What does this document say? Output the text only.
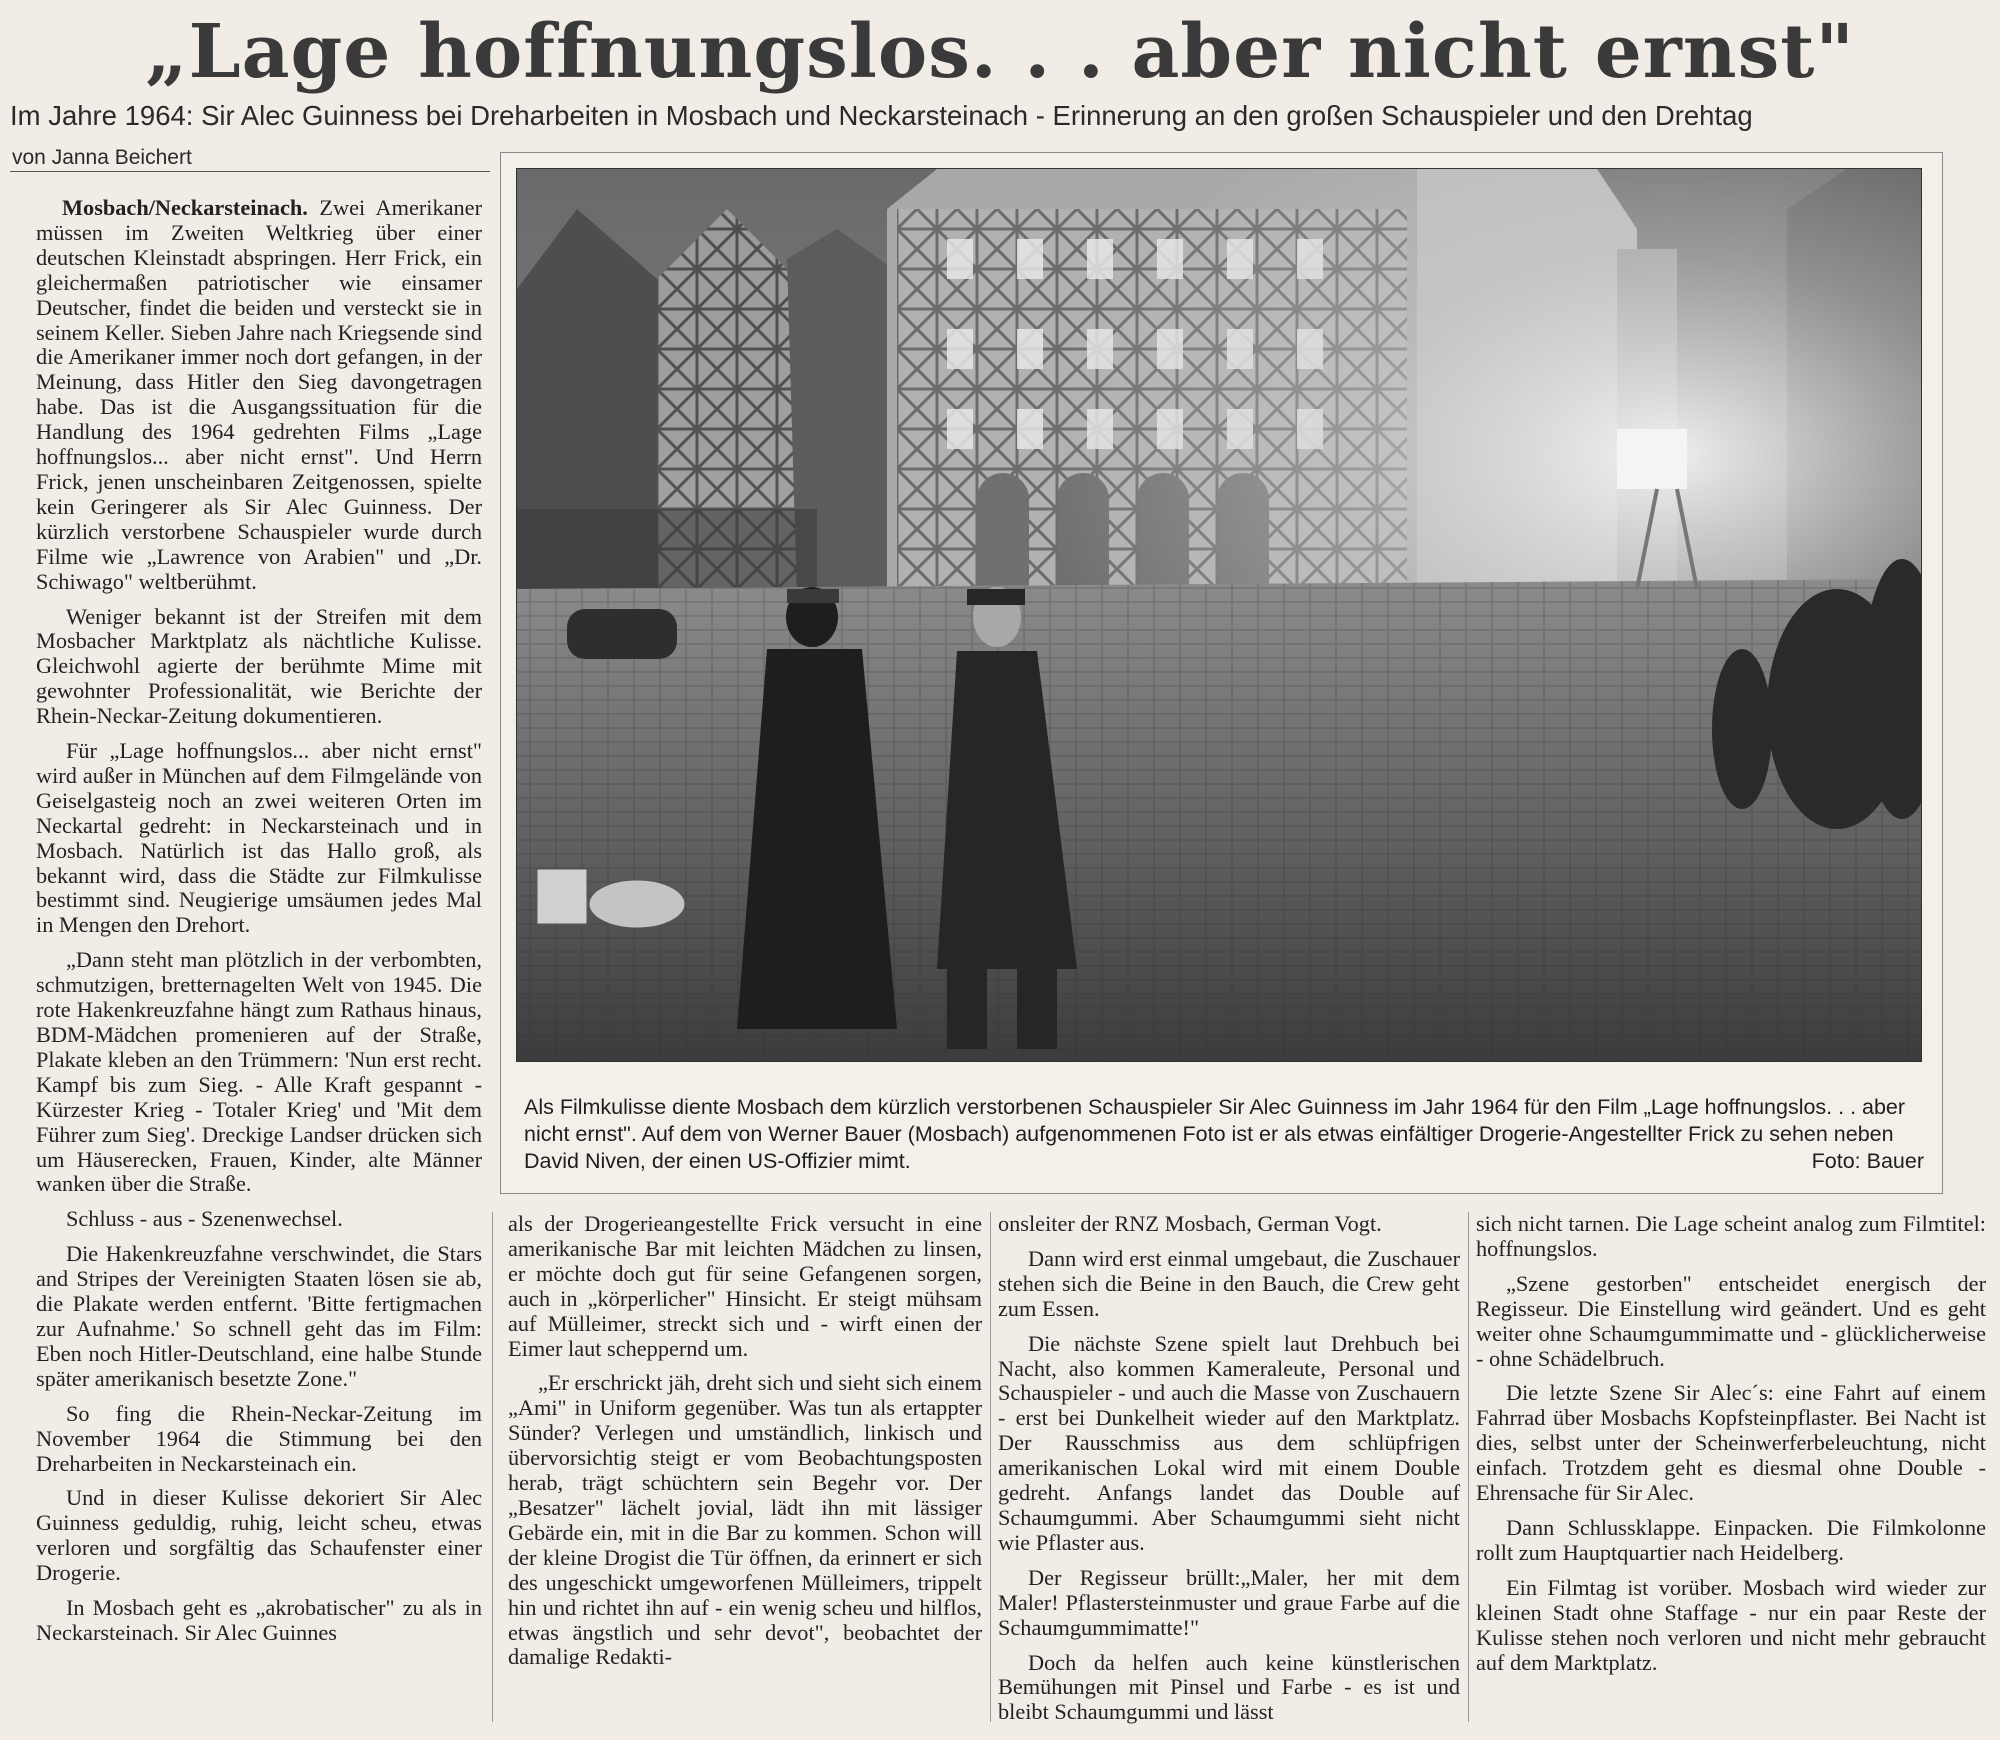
„Lage hoffnungslos. . . aber nicht ernst"
Im Jahre 1964: Sir Alec Guinness bei Dreharbeiten in Mosbach und Neckarsteinach - Erinnerung an den großen Schauspieler und den Drehtag
von Janna Beichert

Mosbach/Neckarsteinach. Zwei Amerikaner müssen im Zweiten Weltkrieg über einer deutschen Kleinstadt abspringen. Herr Frick, ein gleichermaßen patriotischer wie einsamer Deutscher, findet die beiden und versteckt sie in seinem Keller. Sieben Jahre nach Kriegsende sind die Amerikaner immer noch dort gefangen, in der Meinung, dass Hitler den Sieg davongetragen habe. Das ist die Ausgangssituation für die Handlung des 1964 gedrehten Films „Lage hoffnungslos... aber nicht ernst". Und Herrn Frick, jenen unscheinbaren Zeitgenossen, spielte kein Geringerer als Sir Alec Guinness. Der kürzlich verstorbene Schauspieler wurde durch Filme wie „Lawrence von Arabien" und „Dr. Schiwago" weltberühmt.

Weniger bekannt ist der Streifen mit dem Mosbacher Marktplatz als nächtliche Kulisse. Gleichwohl agierte der berühmte Mime mit gewohnter Professionalität, wie Berichte der Rhein-Neckar-Zeitung dokumentieren.

Für „Lage hoffnungslos... aber nicht ernst" wird außer in München auf dem Filmgelände von Geiselgasteig noch an zwei weiteren Orten im Neckartal gedreht: in Neckarsteinach und in Mosbach. Natürlich ist das Hallo groß, als bekannt wird, dass die Städte zur Filmkulisse bestimmt sind. Neugierige umsäumen jedes Mal in Mengen den Drehort.

„Dann steht man plötzlich in der verbombten, schmutzigen, bretternagelten Welt von 1945. Die rote Hakenkreuzfahne hängt zum Rathaus hinaus, BDM-Mädchen promenieren auf der Straße, Plakate kleben an den Trümmern: 'Nun erst recht. Kampf bis zum Sieg. - Alle Kraft gespannt - Kürzester Krieg - Totaler Krieg' und 'Mit dem Führer zum Sieg'. Dreckige Landser drücken sich um Häuserecken, Frauen, Kinder, alte Männer wanken über die Straße.

Schluss - aus - Szenenwechsel.

Die Hakenkreuzfahne verschwindet, die Stars and Stripes der Vereinigten Staaten lösen sie ab, die Plakate werden entfernt. 'Bitte fertigmachen zur Aufnahme.' So schnell geht das im Film: Eben noch Hitler-Deutschland, eine halbe Stunde später amerikanisch besetzte Zone."

So fing die Rhein-Neckar-Zeitung im November 1964 die Stimmung bei den Dreharbeiten in Neckarsteinach ein.

Und in dieser Kulisse dekoriert Sir Alec Guinness geduldig, ruhig, leicht scheu, etwas verloren und sorgfältig das Schaufenster einer Drogerie.

In Mosbach geht es „akrobatischer" zu als in Neckarsteinach. Sir Alec Guinnes

Als Filmkulisse diente Mosbach dem kürzlich verstorbenen Schauspieler Sir Alec Guinness im Jahr 1964 für den Film „Lage hoffnungslos. . . aber nicht ernst". Auf dem von Werner Bauer (Mosbach) aufgenommenen Foto ist er als etwas einfältiger Drogerie-Angestellter Frick zu sehen neben David Niven, der einen US-Offizier mimt.	Foto: Bauer

als der Drogerieangestellte Frick versucht in eine amerikanische Bar mit leichten Mädchen zu linsen, er möchte doch gut für seine Gefangenen sorgen, auch in „körperlicher" Hinsicht. Er steigt mühsam auf Mülleimer, streckt sich und - wirft einen der Eimer laut scheppernd um.

„Er erschrickt jäh, dreht sich und sieht sich einem „Ami" in Uniform gegenüber. Was tun als ertappter Sünder? Verlegen und umständlich, linkisch und übervorsichtig steigt er vom Beobachtungsposten herab, trägt schüchtern sein Begehr vor. Der „Besatzer" lächelt jovial, lädt ihn mit lässiger Gebärde ein, mit in die Bar zu kommen. Schon will der kleine Drogist die Tür öffnen, da erinnert er sich des ungeschickt umgeworfenen Mülleimers, trippelt hin und richtet ihn auf - ein wenig scheu und hilflos, etwas ängstlich und sehr devot", beobachtet der damalige Redakti-

onsleiter der RNZ Mosbach, German Vogt.

Dann wird erst einmal umgebaut, die Zuschauer stehen sich die Beine in den Bauch, die Crew geht zum Essen.

Die nächste Szene spielt laut Drehbuch bei Nacht, also kommen Kameraleute, Personal und Schauspieler - und auch die Masse von Zuschauern - erst bei Dunkelheit wieder auf den Marktplatz. Der Rausschmiss aus dem schlüpfrigen amerikanischen Lokal wird mit einem Double gedreht. Anfangs landet das Double auf Schaumgummi. Aber Schaumgummi sieht nicht wie Pflaster aus.

Der Regisseur brüllt:„Maler, her mit dem Maler! Pflastersteinmuster und graue Farbe auf die Schaumgummimatte!"

Doch da helfen auch keine künstlerischen Bemühungen mit Pinsel und Farbe - es ist und bleibt Schaumgummi und lässt

sich nicht tarnen. Die Lage scheint analog zum Filmtitel: hoffnungslos.

„Szene gestorben" entscheidet energisch der Regisseur. Die Einstellung wird geändert. Und es geht weiter ohne Schaumgummimatte und - glücklicherweise - ohne Schädelbruch.

Die letzte Szene Sir Alec´s: eine Fahrt auf einem Fahrrad über Mosbachs Kopfsteinpflaster. Bei Nacht ist dies, selbst unter der Scheinwerferbeleuchtung, nicht einfach. Trotzdem geht es diesmal ohne Double - Ehrensache für Sir Alec.

Dann Schlussklappe. Einpacken. Die Filmkolonne rollt zum Hauptquartier nach Heidelberg.

Ein Filmtag ist vorüber. Mosbach wird wieder zur kleinen Stadt ohne Staffage - nur ein paar Reste der Kulisse stehen noch verloren und nicht mehr gebraucht auf dem Marktplatz.
